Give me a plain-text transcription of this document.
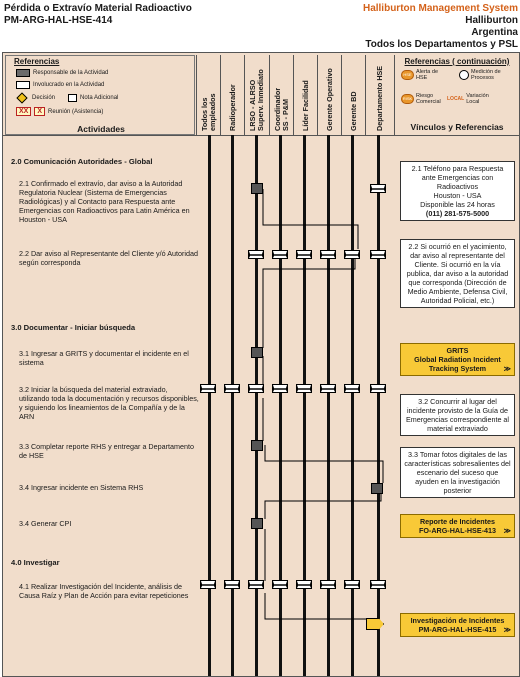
Pérdida o Extravío Material Radioactivo
PM-ARG-HAL-HSE-414
Halliburton Management System
Halliburton
Argentina
Todos los Departamentos y PSL
Referencias
Responsable de la Actividad
Involucrado en la Actividad
Decisión	Nota Adicional
XX	X	Reunión (Asistencia)
Actividades	Todos los
empleados Radioperador LRSO - ALRSO
Superv. Inmediato
Coordinador
SS - P&M Líder Facilidad Gerente Operativo Gerente BD Departamento HSE
Referencias ( continuación)
HSE Alerta de
HSE
Medición de
Procesos
RISK Riesgo
Comercial LOCAL Variación
Local
Vínculos y Referencias
2.0 Comunicación Autoridades - Global
2.1 Confirmado el extravío, dar aviso a la Autoridad Regulatoria Nuclear (Sistema de Emergencias Radiológicas) y al Contacto para Respuesta ante Emergencias con Radioactivos para Latin América en Houston - USA
2.2 Dar aviso al Representante del Cliente y/ó Autoridad según corresponda
3.0 Documentar - Iniciar búsqueda
3.1 Ingresar a GRITS y documentar el incidente en el sistema
3.2 Iniciar la búsqueda del material extraviado, utilizando toda la documentación y recursos disponibles, y siguiendo los lineamientos de la Compañía y de la ARN
3.3 Completar reporte RHS y entregar a Departamento de HSE
3.4 Ingresar incidente en Sistema RHS
3.4 Generar CPI
4.0 Investigar
4.1 Realizar Investigación del Incidente, análisis de Causa Raíz y Plan de Acción para evitar repeticiones
2.1 Teléfono para Respuesta ante Emergencias con Radioactivos
Houston - USA
Disponible las 24 horas
(011) 281-575-5000
2.2 Si ocurrió en el yacimiento, dar aviso al representante del Cliente. Si ocurrió en la vía publica, dar aviso a la autoridad que corresponda (Dirección de Medio Ambiente, Defensa Civil, Autoridad Policial, etc.)
GRITS
Global Radiation Incident Tracking System	≫
3.2 Concurrir al lugar del incidente provisto de la Guía de Emergencias correspondiente al material extraviado
3.3 Tomar fotos digitales de las características sobresalientes del escenario del suceso que ayuden en la investigación posterior
Reporte de Incidentes
FO-ARG-HAL-HSE-413	≫
Investigación de Incidentes
PM-ARG-HAL-HSE-415	≫
